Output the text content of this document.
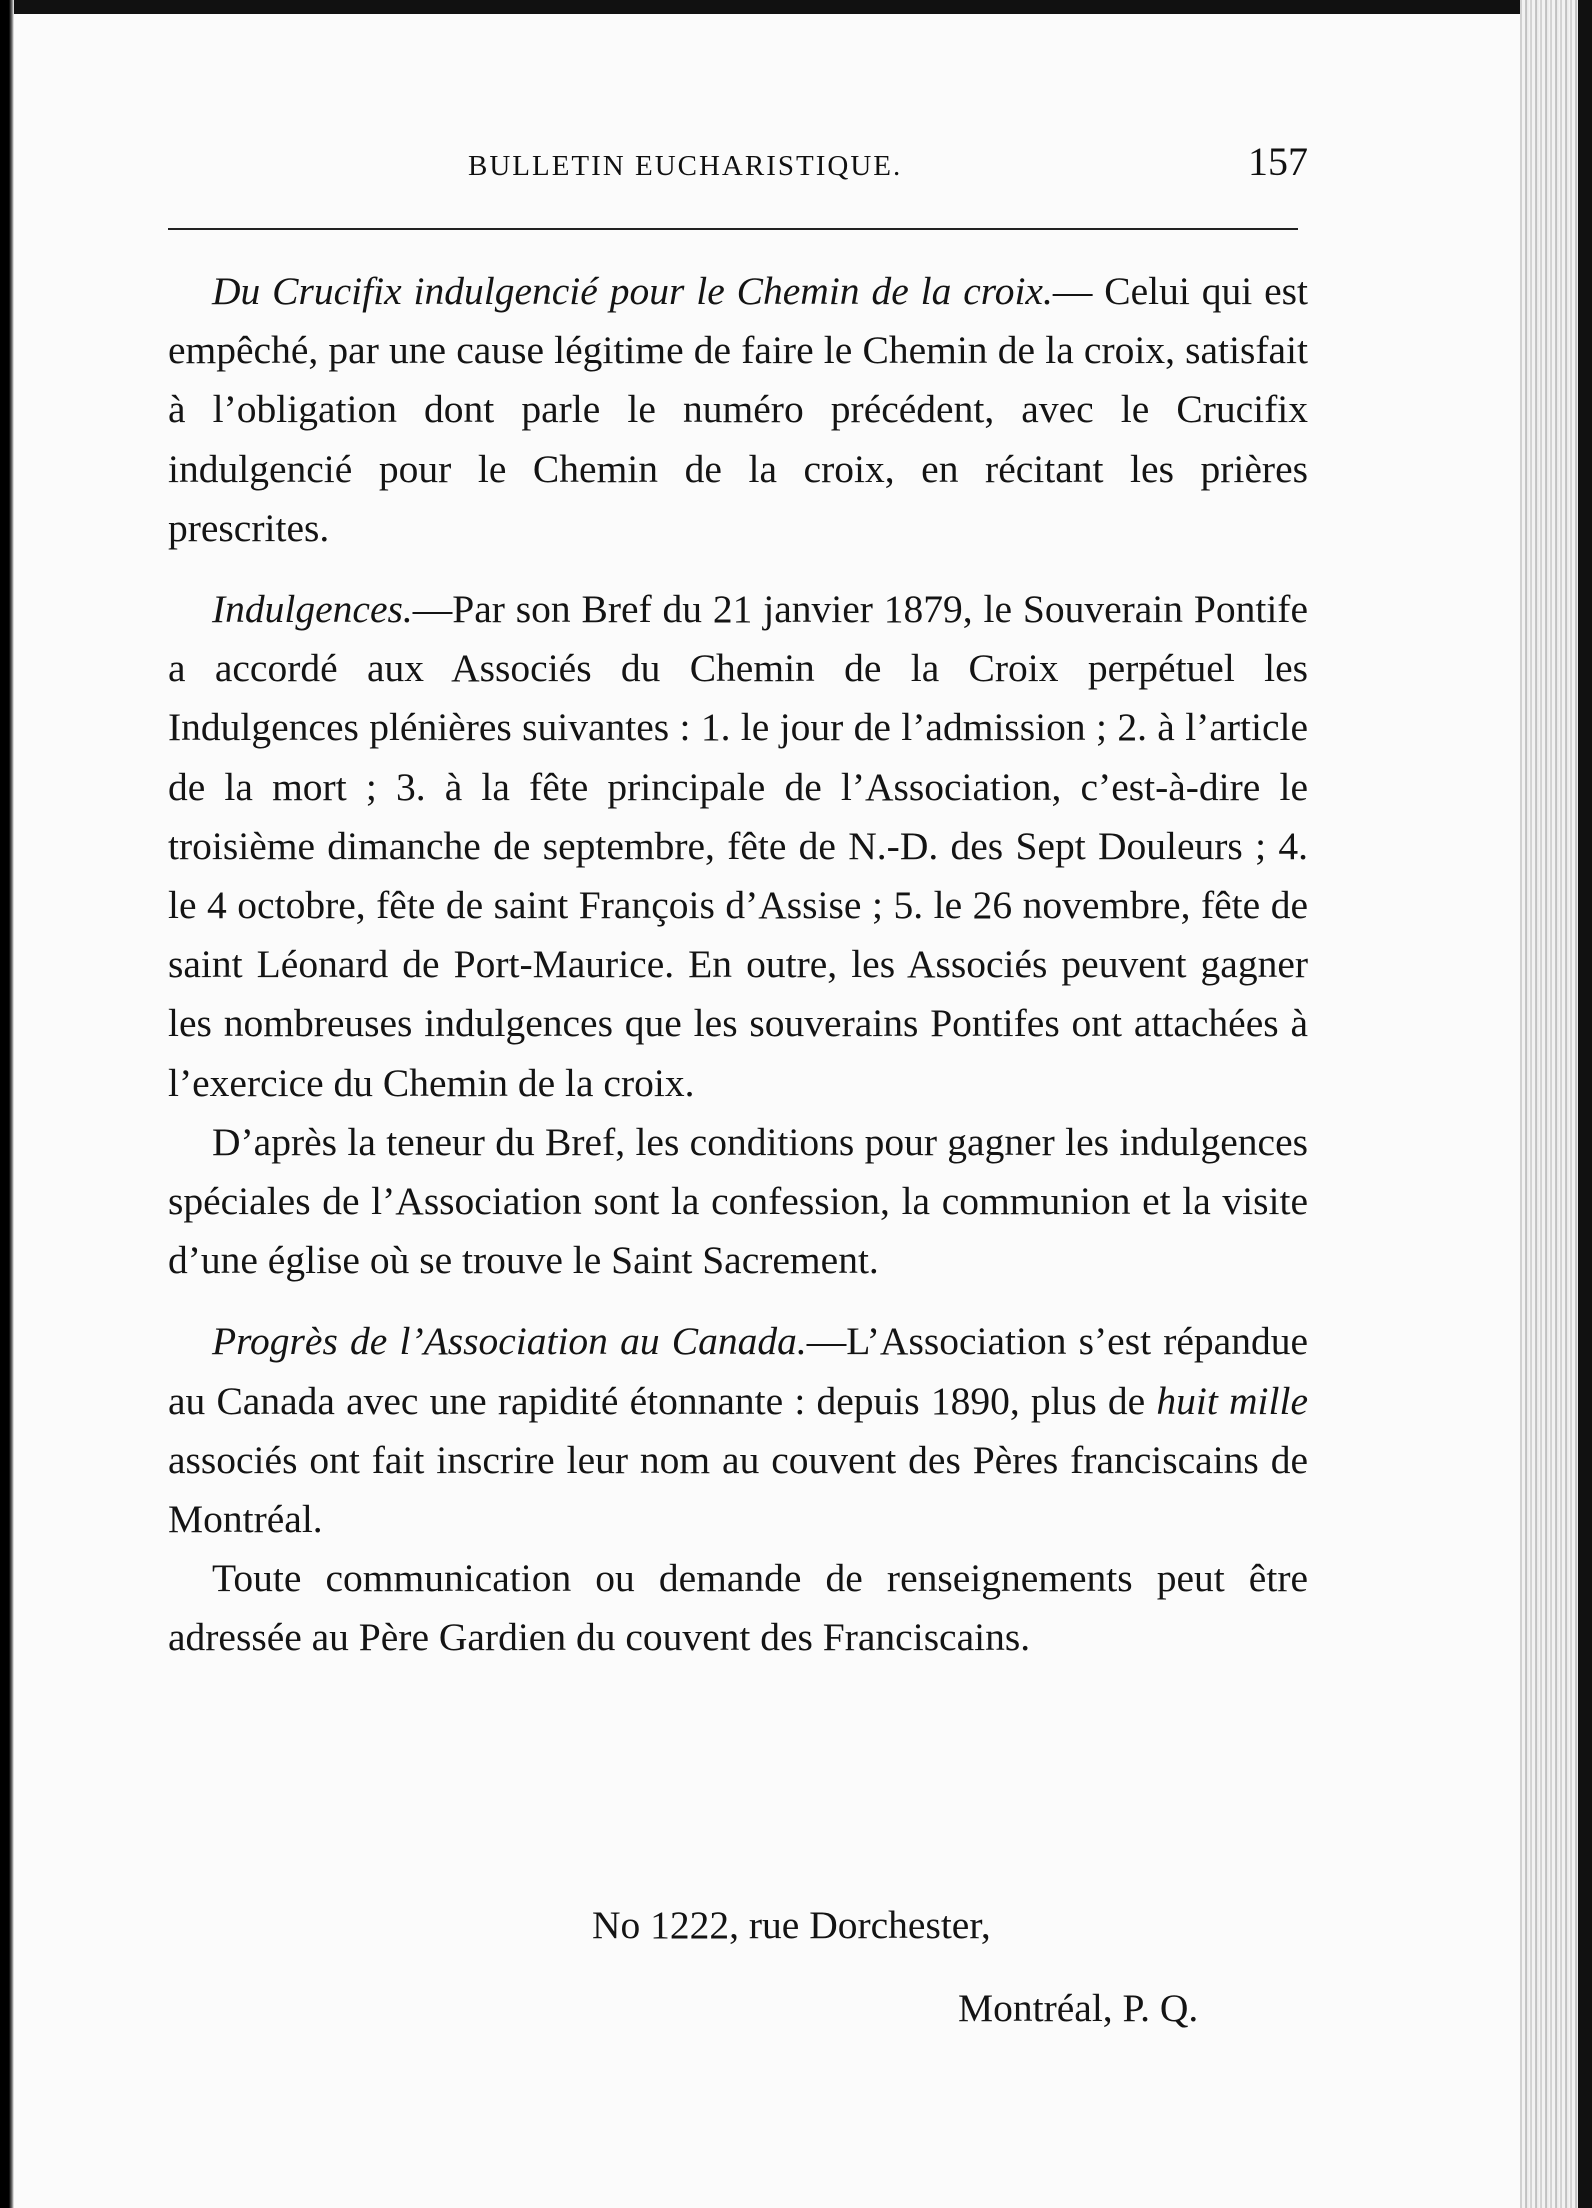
BULLETIN EUCHARISTIQUE.	157

Du Crucifix indulgencié pour le Chemin de la croix.— Celui qui est empêché, par une cause légitime de faire le Chemin de la croix, satisfait à l’obligation dont parle le numéro précédent, avec le Crucifix indulgencié pour le Chemin de la croix, en récitant les prières prescrites.

Indulgences.—Par son Bref du 21 janvier 1879, le Souverain Pontife a accordé aux Associés du Chemin de la Croix perpétuel les Indulgences plénières suivantes : 1. le jour de l’admission ; 2. à l’article de la mort ; 3. à la fête principale de l’Association, c’est-à-dire le troisième dimanche de septembre, fête de N.-D. des Sept Douleurs ; 4. le 4 octobre, fête de saint François d’Assise ; 5. le 26 novembre, fête de saint Léonard de Port-Maurice. En outre, les Associés peuvent gagner les nombreuses indulgences que les souverains Pontifes ont attachées à l’exercice du Chemin de la croix.

D’après la teneur du Bref, les conditions pour gagner les indulgences spéciales de l’Association sont la confession, la communion et la visite d’une église où se trouve le Saint Sacrement.

Progrès de l’Association au Canada.—L’Association s’est répandue au Canada avec une rapidité étonnante : depuis 1890, plus de huit mille associés ont fait inscrire leur nom au couvent des Pères franciscains de Montréal.

Toute communication ou demande de renseignements peut être adressée au Père Gardien du couvent des Franciscains.

No 1222, rue Dorchester,
Montréal, P. Q.
